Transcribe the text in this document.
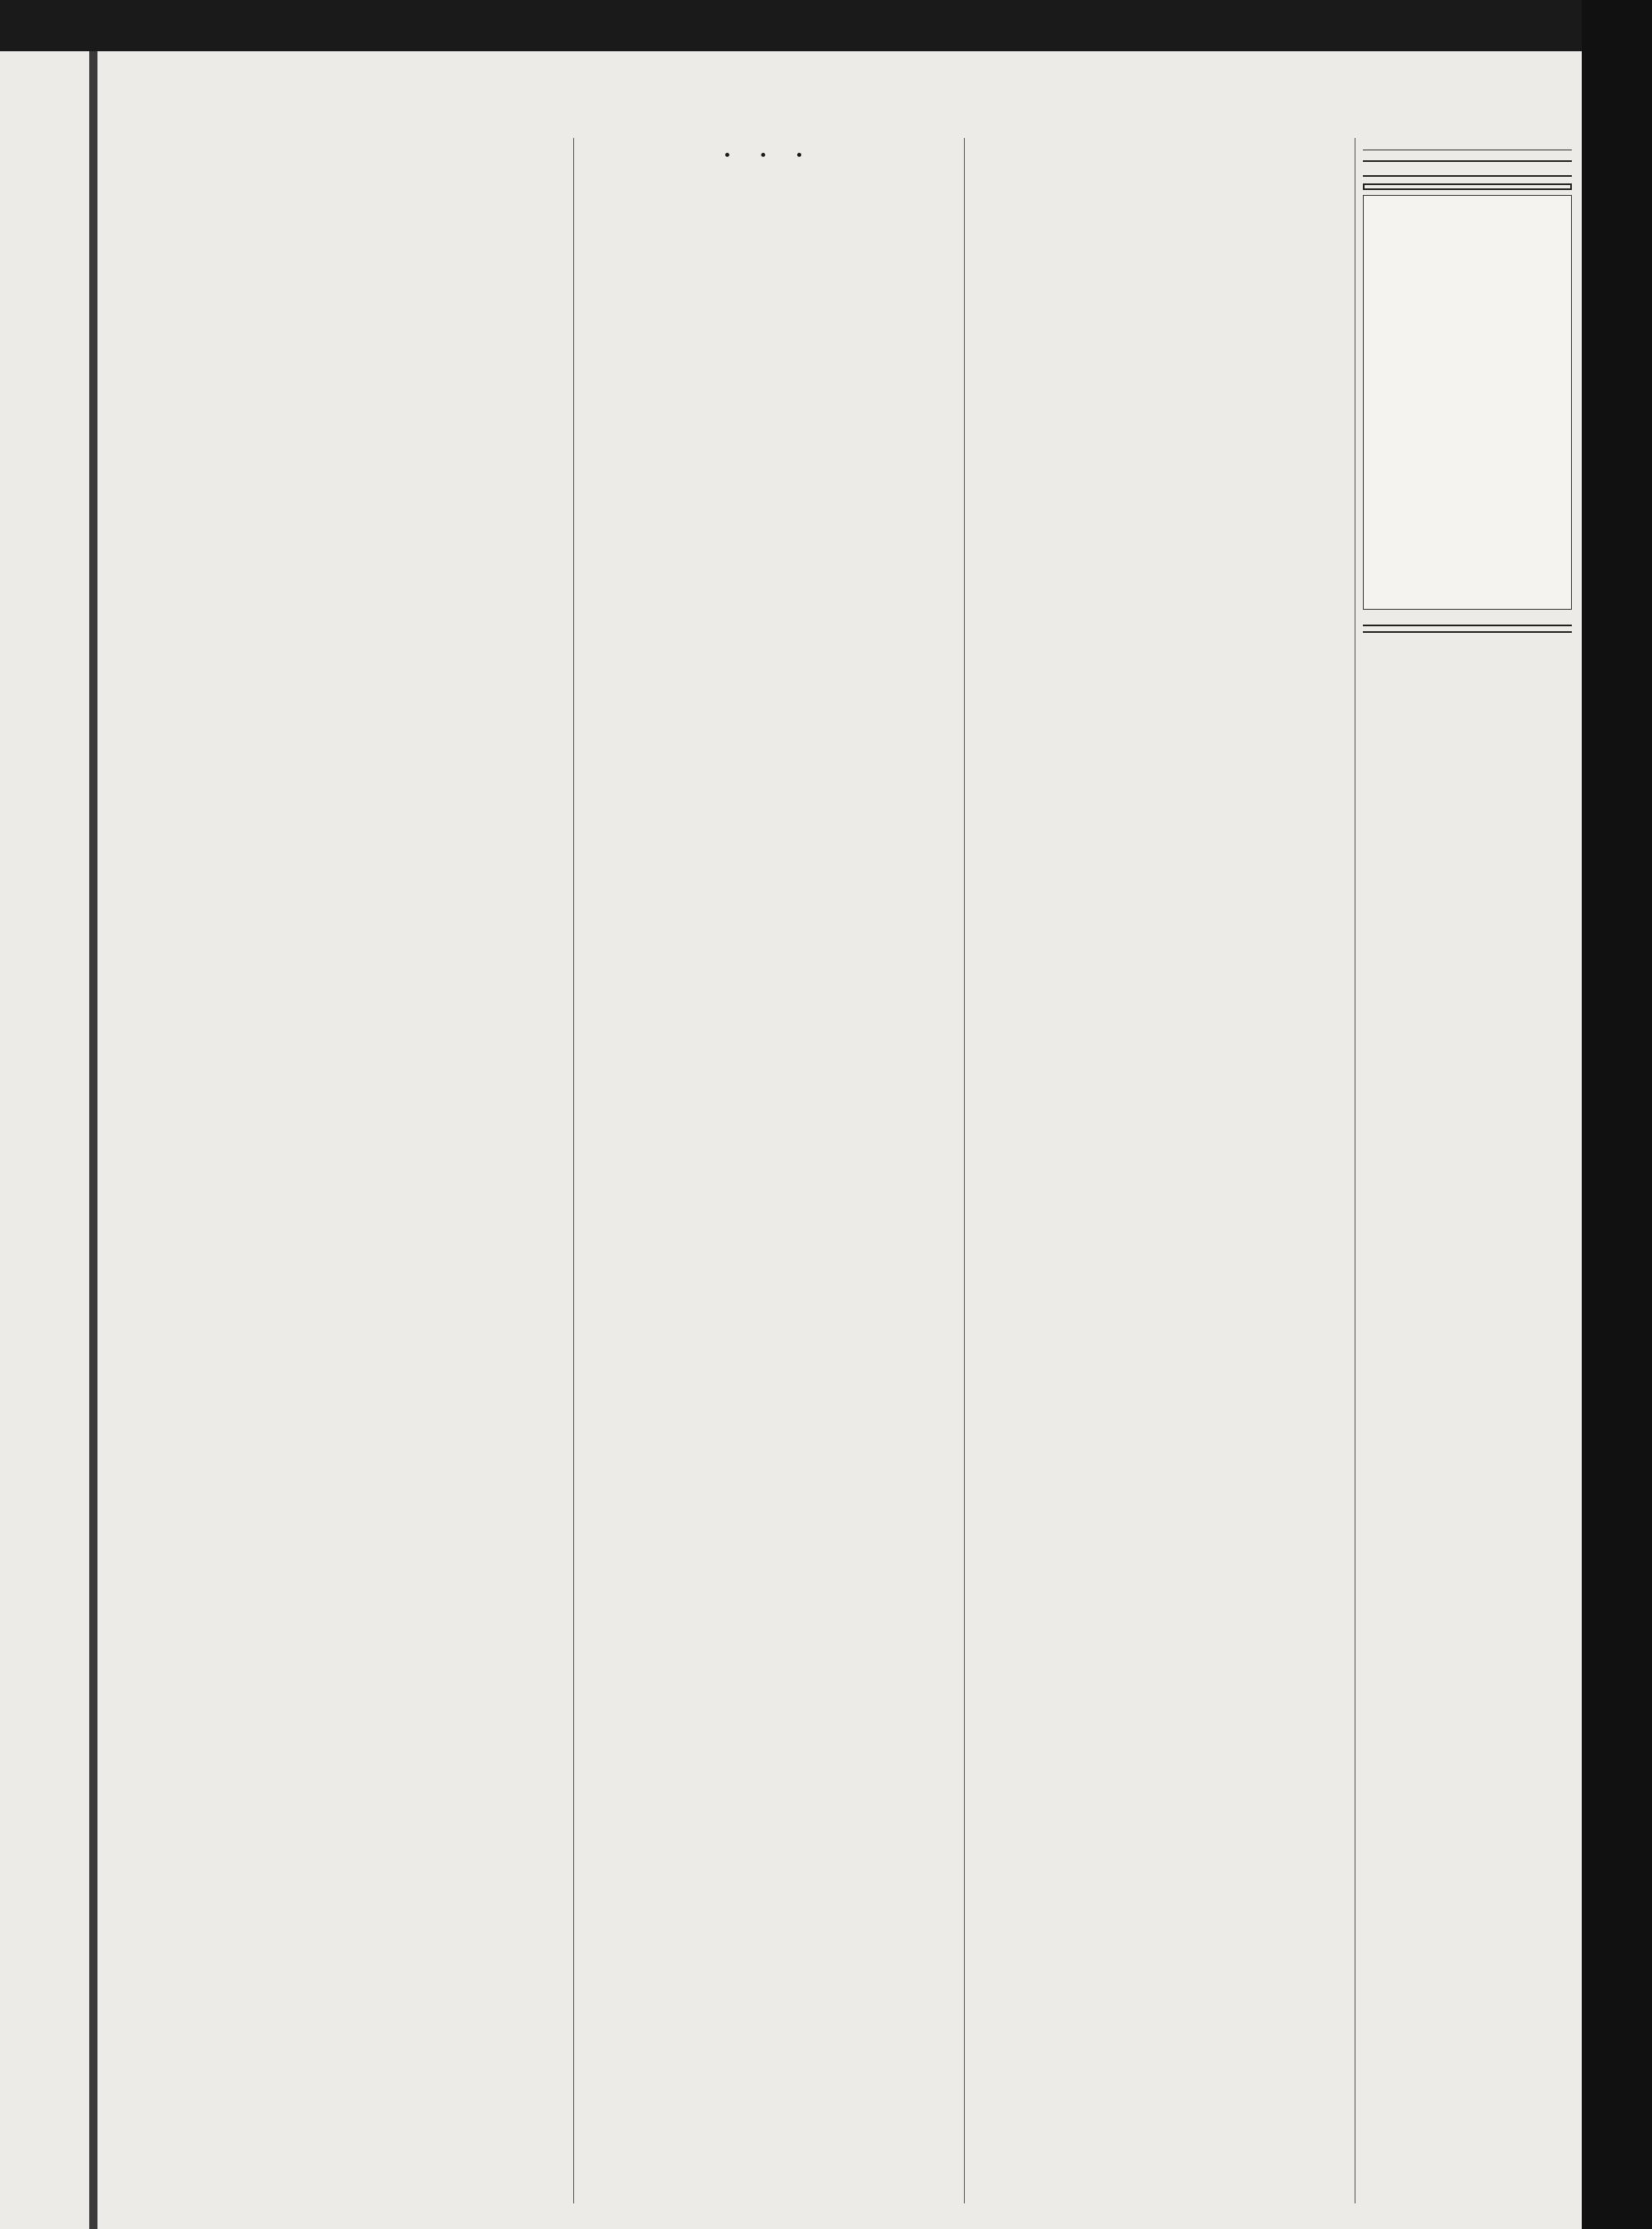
• • •
